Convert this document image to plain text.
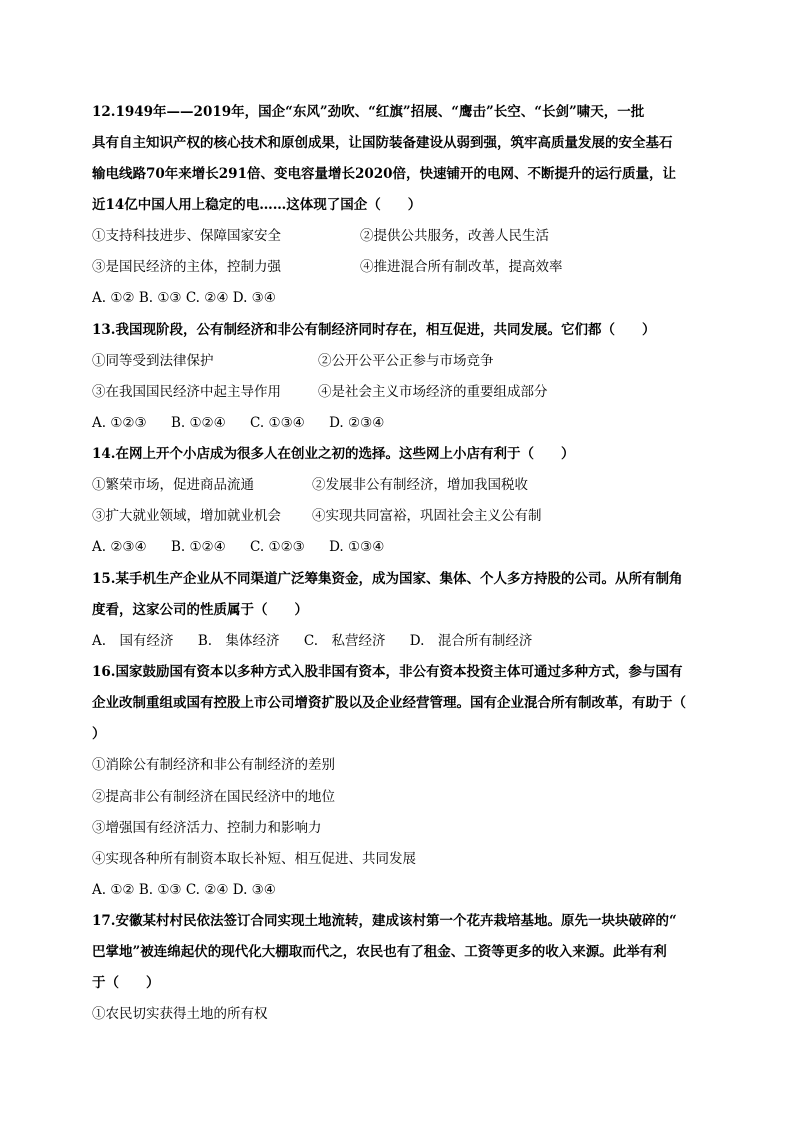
12.1949年——2019年，国企“东风”劲吹、“红旗”招展、“鹰击”长空、“长剑”啸天，一批
具有自主知识产权的核心技术和原创成果，让国防装备建设从弱到强，筑牢高质量发展的安全基石
输电线路70年来增长291倍、变电容量增长2020倍，快速铺开的电网、不断提升的运行质量，让
近14亿中国人用上稳定的电……这体现了国企（　　）
①支持科技进步、保障国家安全	②提供公共服务，改善人民生活
③是国民经济的主体，控制力强	④推进混合所有制改革，提高效率
A. ①② B. ①③ C. ②④ D. ③④
13.我国现阶段，公有制经济和非公有制经济同时存在，相互促进，共同发展。它们都（　　）
①同等受到法律保护	②公开公平公正参与市场竞争
③在我国国民经济中起主导作用	④是社会主义市场经济的重要组成部分
A. ①②③ B. ①②④ C. ①③④ D. ②③④
14.在网上开个小店成为很多人在创业之初的选择。这些网上小店有利于（　　）
①繁荣市场，促进商品流通	②发展非公有制经济，增加我国税收
③扩大就业领域，增加就业机会 ④实现共同富裕，巩固社会主义公有制
A. ②③④ B. ①②④ C. ①②③ D. ①③④
15.某手机生产企业从不同渠道广泛筹集资金，成为国家、集体、个人多方持股的公司。从所有制角
度看，这家公司的性质属于（　　）
A.　国有经济 B.　集体经济 C.　私营经济 D.　混合所有制经济
16.国家鼓励国有资本以多种方式入股非国有资本，非公有资本投资主体可通过多种方式，参与国有
企业改制重组或国有控股上市公司增资扩股以及企业经营管理。国有企业混合所有制改革，有助于（
）
①消除公有制经济和非公有制经济的差别
②提高非公有制经济在国民经济中的地位
③增强国有经济活力、控制力和影响力
④实现各种所有制资本取长补短、相互促进、共同发展
A. ①② B. ①③ C. ②④ D. ③④
17.安徽某村村民依法签订合同实现土地流转，建成该村第一个花卉栽培基地。原先一块块破碎的“
巴掌地”被连绵起伏的现代化大棚取而代之，农民也有了租金、工资等更多的收入来源。此举有利
于（　　）
①农民切实获得土地的所有权
